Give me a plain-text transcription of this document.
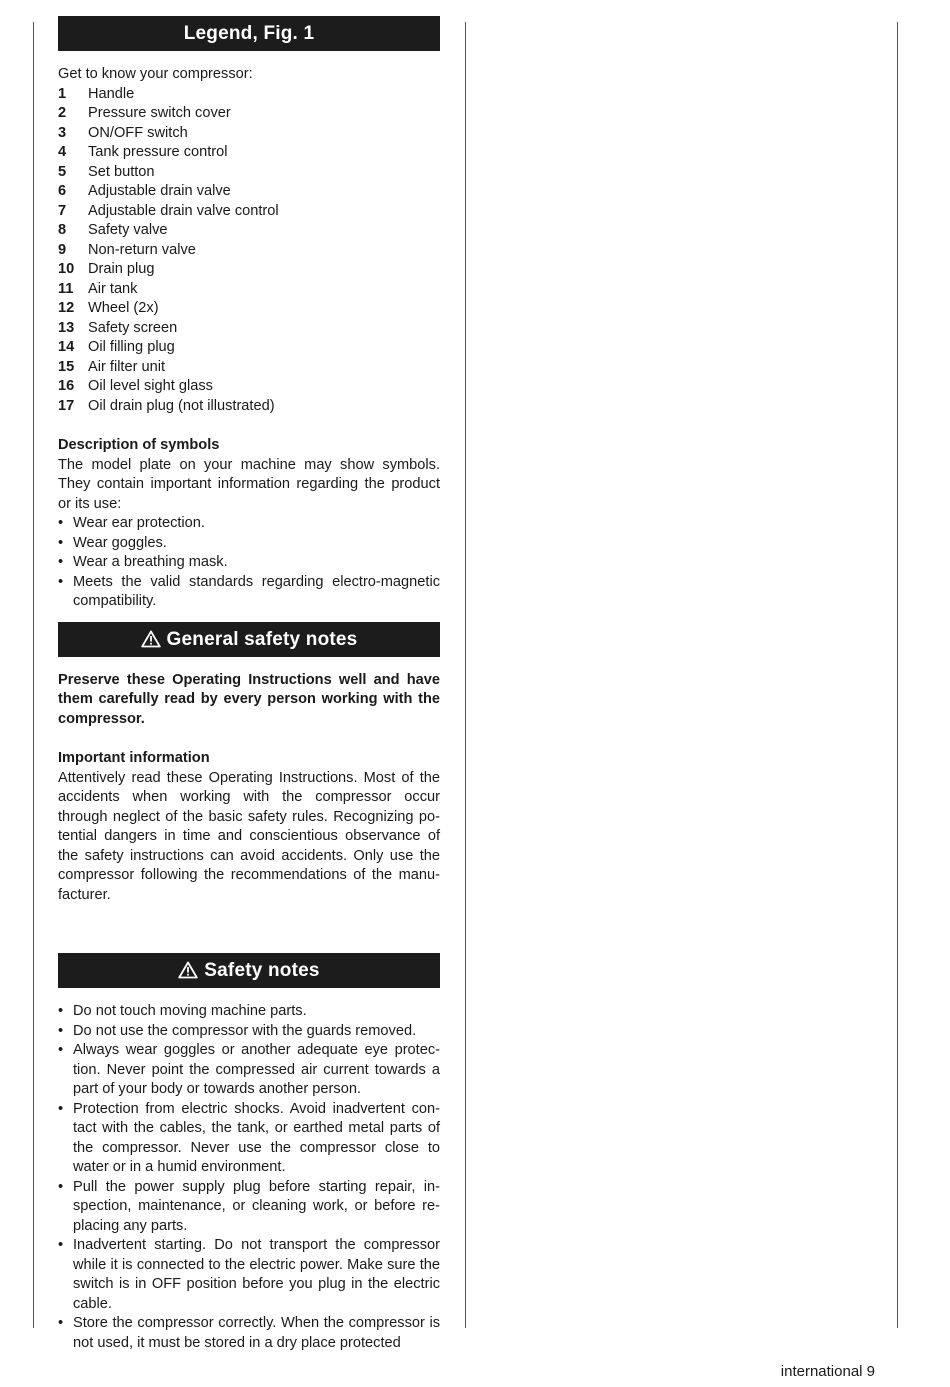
Legend, Fig. 1
Get to know your compressor:
1	Handle
2	Pressure switch cover
3	ON/OFF switch
4	Tank pressure control
5	Set button
6	Adjustable drain valve
7	Adjustable drain valve control
8	Safety valve
9	Non-return valve
10 Drain plug
11 Air tank
12 Wheel (2x)
13 Safety screen
14 Oil filling plug
15 Air filter unit
16 Oil level sight glass
17 Oil drain plug (not illustrated)
Description of symbols
The model plate on your machine may show symbols. They contain important information regarding the product or its use:
• Wear ear protection.
• Wear goggles.
• Wear a breathing mask.
• Meets the valid standards regarding electro-magnetic compatibility.
General safety notes
Preserve these Operating Instructions well and have them carefully read by every person working with the compressor.
Important information
Attentively read these Operating Instructions. Most of the accidents when working with the compressor occur through neglect of the basic safety rules. Recognizing po-tential dangers in time and conscientious observance of the safety instructions can avoid accidents. Only use the compressor following the recommendations of the manu-facturer.
Safety notes
• Do not touch moving machine parts.
• Do not use the compressor with the guards removed.
• Always wear goggles or another adequate eye protec-tion. Never point the compressed air current towards a part of your body or towards another person.
• Protection from electric shocks. Avoid inadvertent con-tact with the cables, the tank, or earthed metal parts of the compressor. Never use the compressor close to water or in a humid environment.
• Pull the power supply plug before starting repair, in-spection, maintenance, or cleaning work, or before re-placing any parts.
• Inadvertent starting. Do not transport the compressor while it is connected to the electric power. Make sure the switch is in OFF position before you plug in the electric cable.
• Store the compressor correctly. When the compressor is not used, it must be stored in a dry place protected
international 9
